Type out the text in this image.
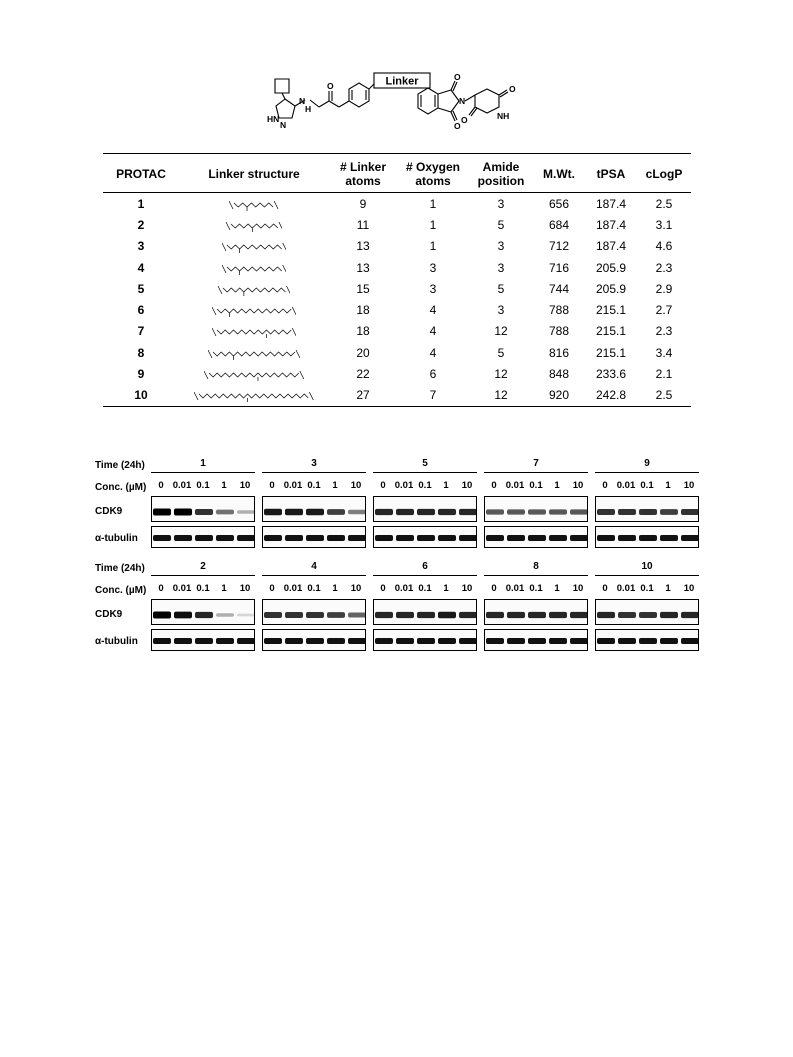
Linker
HN
N
N
H
O
O
O
N
O
NH
O
PROTAC	Linker structure	# Linker atoms	# Oxygen atoms	Amide position	M.Wt.	tPSA	cLogP
1		9	1	3	656	187.4	2.5
2		11	1	5	684	187.4	3.1
3		13	1	3	712	187.4	4.6
4		13	3	3	716	205.9	2.3
5		15	3	5	744	205.9	2.9
6		18	4	3	788	215.1	2.7
7		18	4	12	788	215.1	2.3
8		20	4	5	816	215.1	3.4
9		22	6	12	848	233.6	2.1
10		27	7	12	920	242.8	2.5
Time (24h)
Conc. (µM)
CDK9
α-tubulin
1
0 0.01 0.1 1 10
3
0 0.01 0.1 1 10
5
0 0.01 0.1 1 10
7
0 0.01 0.1 1 10
9
0 0.01 0.1 1 10
Time (24h)
Conc. (µM)
CDK9
α-tubulin
2
0 0.01 0.1 1 10
4
0 0.01 0.1 1 10
6
0 0.01 0.1 1 10
8
0 0.01 0.1 1 10
10
0 0.01 0.1 1 10
